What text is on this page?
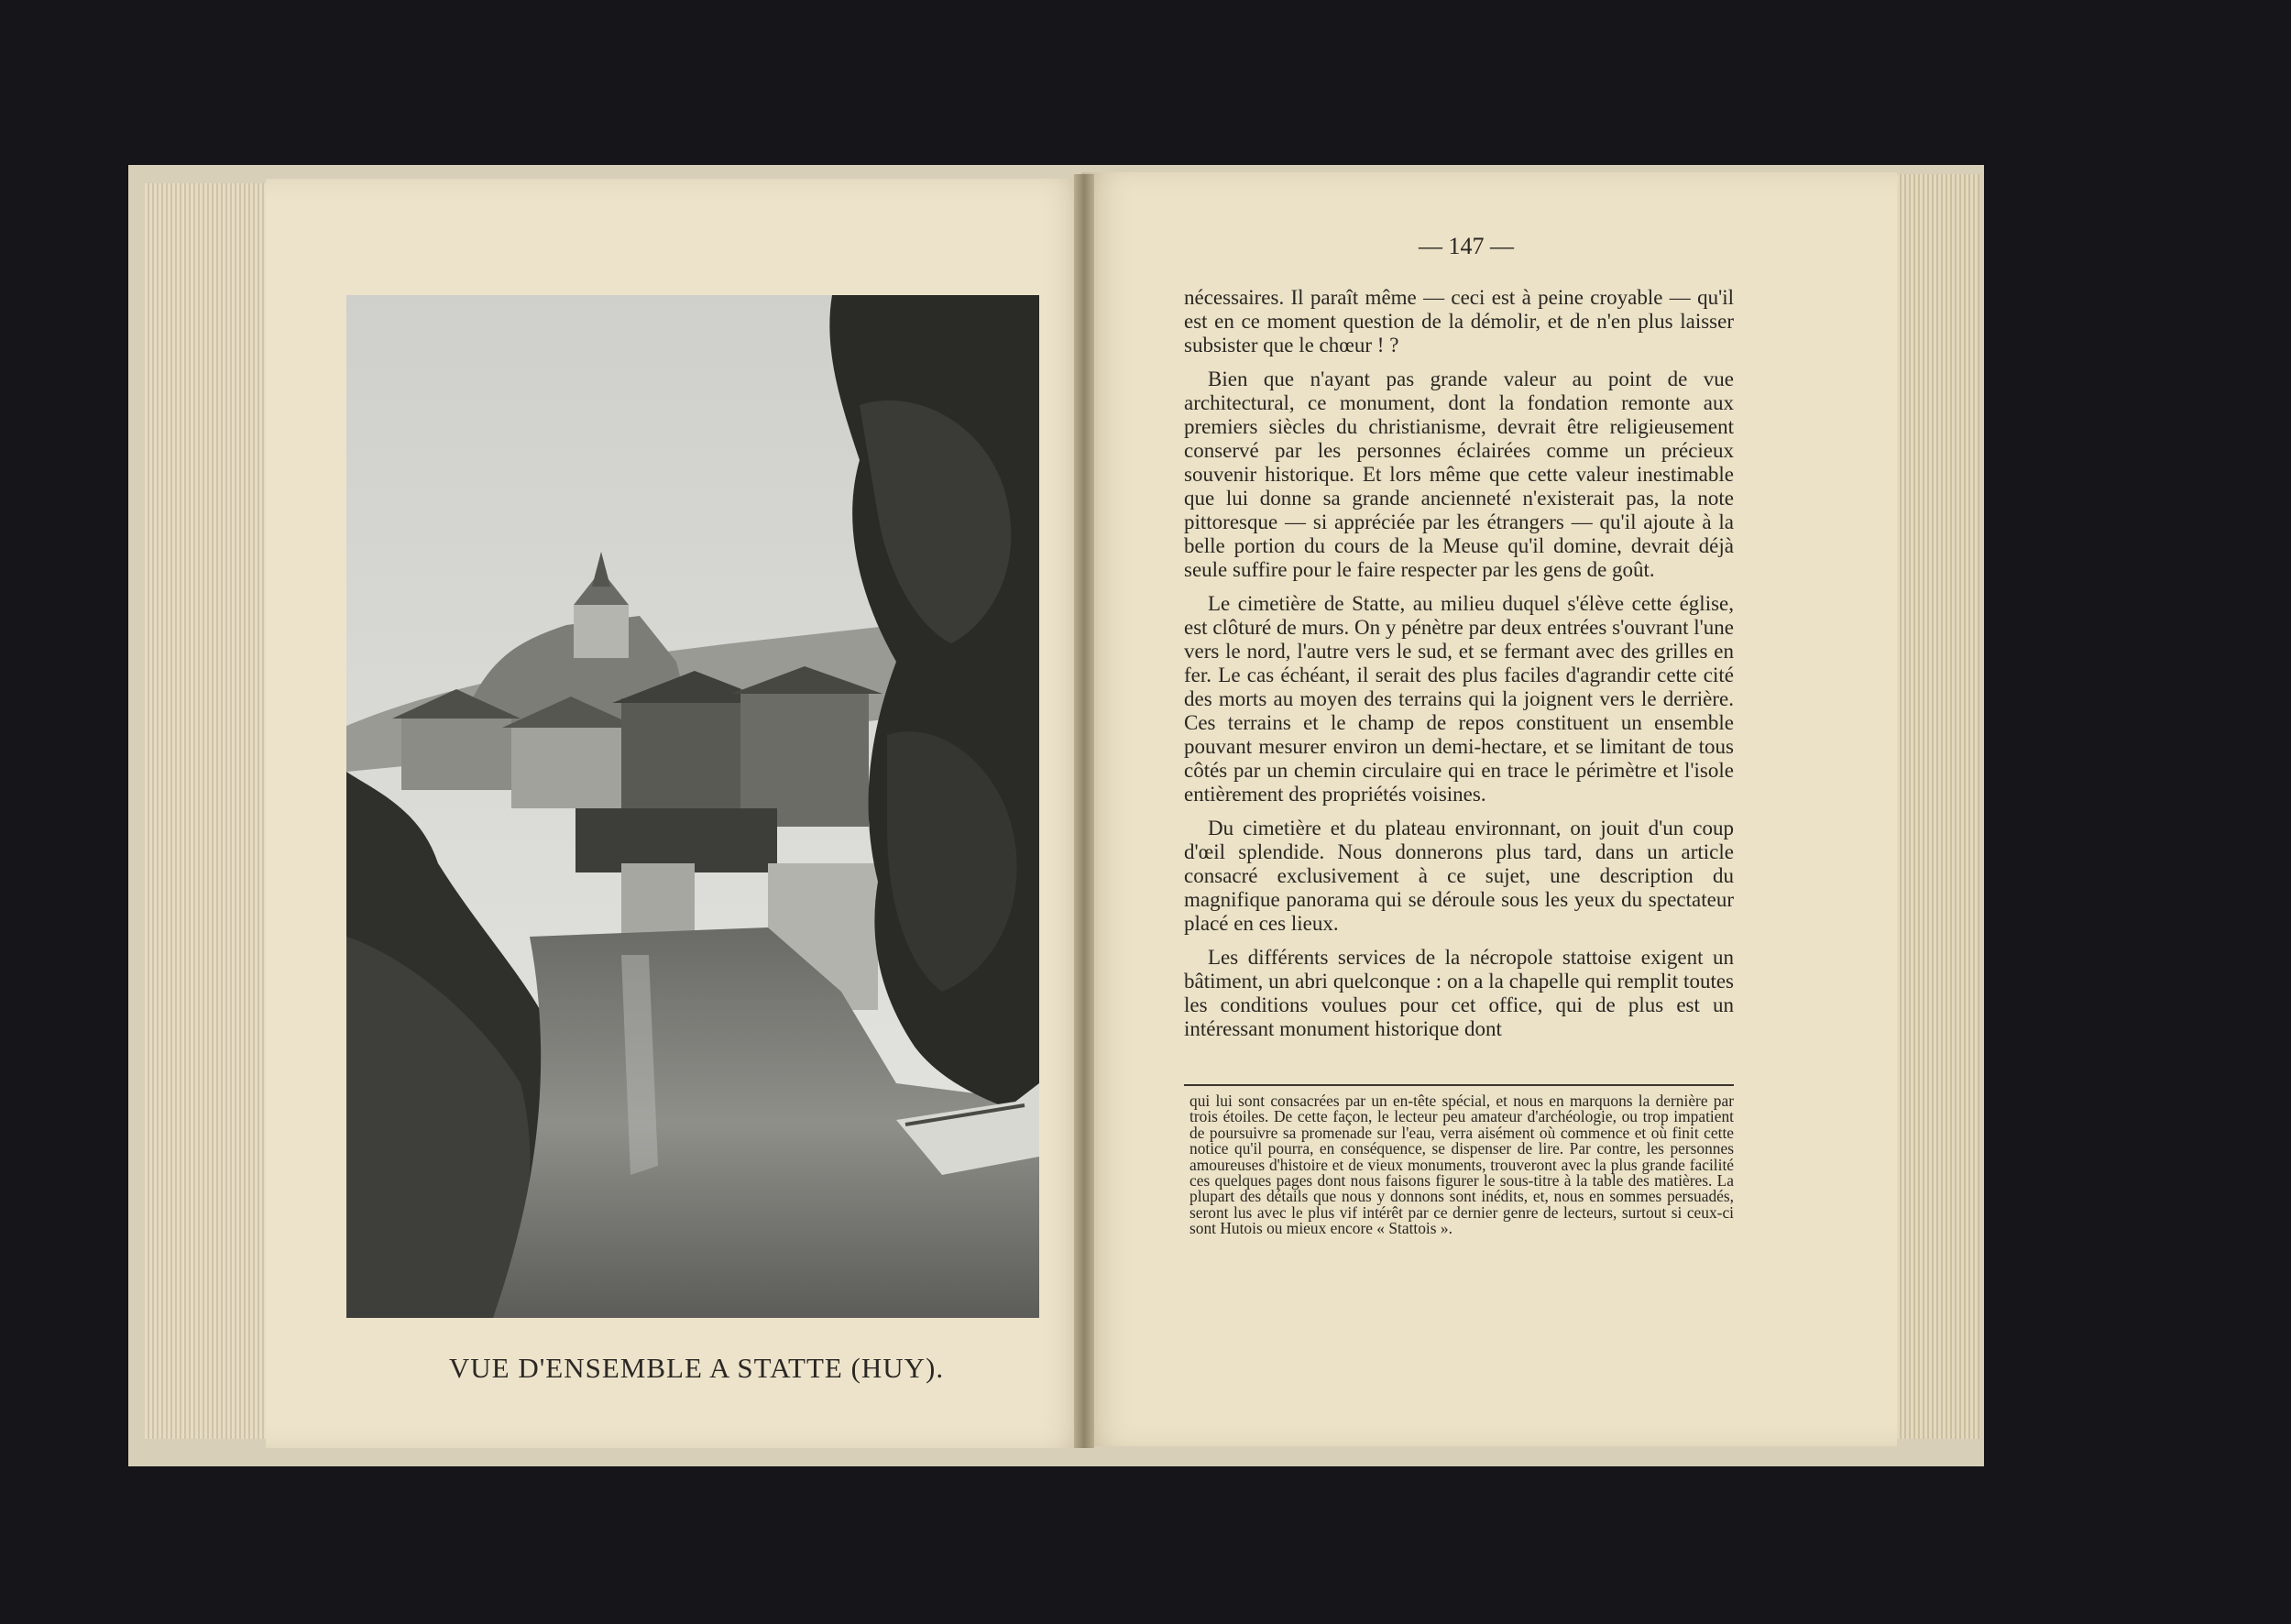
VUE D'ENSEMBLE A STATTE (HUY).
— 147 —

nécessaires. Il paraît même — ceci est à peine croyable — qu'il est en ce moment question de la démolir, et de n'en plus laisser subsister que le chœur ! ?

Bien que n'ayant pas grande valeur au point de vue architectural, ce monument, dont la fondation remonte aux premiers siècles du christianisme, devrait être religieusement conservé par les personnes éclairées comme un précieux souvenir historique. Et lors même que cette valeur inestimable que lui donne sa grande ancienneté n'existerait pas, la note pittoresque — si appréciée par les étrangers — qu'il ajoute à la belle portion du cours de la Meuse qu'il domine, devrait déjà seule suffire pour le faire respecter par les gens de goût.

Le cimetière de Statte, au milieu duquel s'élève cette église, est clôturé de murs. On y pénètre par deux entrées s'ouvrant l'une vers le nord, l'autre vers le sud, et se fermant avec des grilles en fer. Le cas échéant, il serait des plus faciles d'agrandir cette cité des morts au moyen des terrains qui la joignent vers le derrière. Ces terrains et le champ de repos constituent un ensemble pouvant mesurer environ un demi-hectare, et se limitant de tous côtés par un chemin circulaire qui en trace le périmètre et l'isole entièrement des propriétés voisines.

Du cimetière et du plateau environnant, on jouit d'un coup d'œil splendide. Nous donnerons plus tard, dans un article consacré exclusivement à ce sujet, une description du magnifique panorama qui se déroule sous les yeux du spectateur placé en ces lieux.

Les différents services de la nécropole stattoise exigent un bâtiment, un abri quelconque : on a la chapelle qui remplit toutes les conditions voulues pour cet office, qui de plus est un intéressant monument historique dont

qui lui sont consacrées par un en-tête spécial, et nous en marquons la dernière par trois étoiles. De cette façon, le lecteur peu amateur d'archéologie, ou trop impatient de poursuivre sa promenade sur l'eau, verra aisément où commence et où finit cette notice qu'il pourra, en conséquence, se dispenser de lire. Par contre, les personnes amoureuses d'histoire et de vieux monuments, trouveront avec la plus grande facilité ces quelques pages dont nous faisons figurer le sous-titre à la table des matières. La plupart des détails que nous y donnons sont inédits, et, nous en sommes persuadés, seront lus avec le plus vif intérêt par ce dernier genre de lecteurs, surtout si ceux-ci sont Hutois ou mieux encore « Stattois ».
